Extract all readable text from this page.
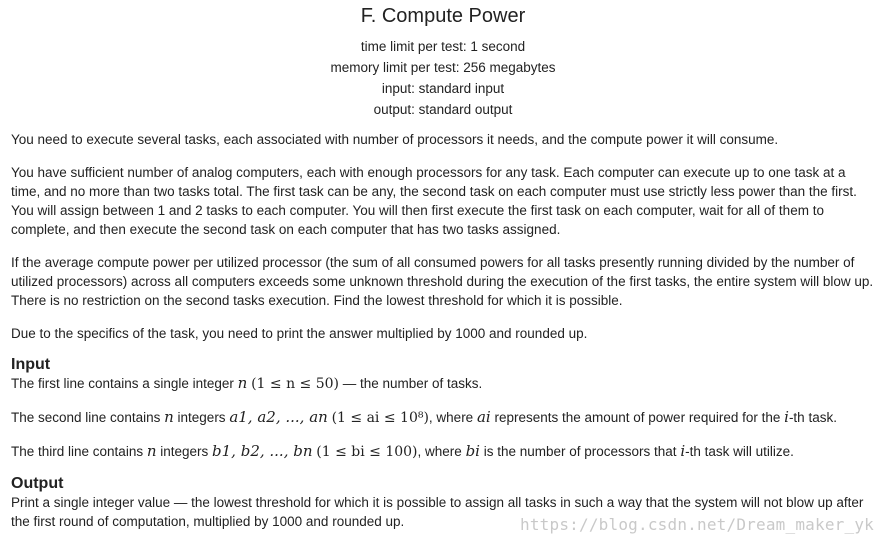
F. Compute Power
time limit per test: 1 second
memory limit per test: 256 megabytes
input: standard input
output: standard output

You need to execute several tasks, each associated with number of processors it needs, and the compute power it will consume.

You have sufficient number of analog computers, each with enough processors for any task. Each computer can execute up to one task at a time, and no more than two tasks total. The first task can be any, the second task on each computer must use strictly less power than the first. You will assign between 1 and 2 tasks to each computer. You will then first execute the first task on each computer, wait for all of them to complete, and then execute the second task on each computer that has two tasks assigned.

If the average compute power per utilized processor (the sum of all consumed powers for all tasks presently running divided by the number of utilized processors) across all computers exceeds some unknown threshold during the execution of the first tasks, the entire system will blow up. There is no restriction on the second tasks execution. Find the lowest threshold for which it is possible.

Due to the specifics of the task, you need to print the answer multiplied by 1000 and rounded up.

Input
The first line contains a single integer n (1 ≤ n ≤ 50) — the number of tasks.
The second line contains n integers a1, a2, ..., an (1 ≤ ai ≤ 10⁸), where ai represents the amount of power required for the i-th task.
The third line contains n integers b1, b2, ..., bn (1 ≤ bi ≤ 100), where bi is the number of processors that i-th task will utilize.
Output
Print a single integer value — the lowest threshold for which it is possible to assign all tasks in such a way that the system will not blow up after the first round of computation, multiplied by 1000 and rounded up.	https://blog.csdn.net/Dream_maker_yk
